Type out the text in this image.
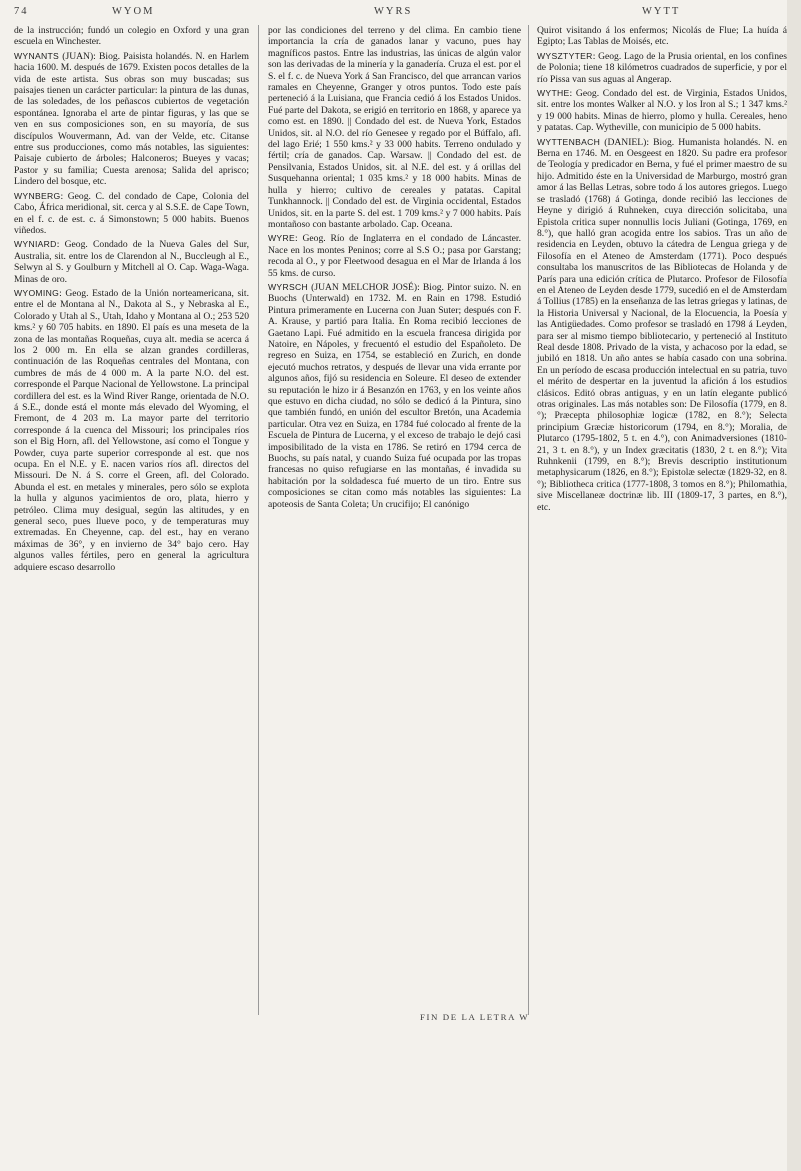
74	WYOM	WYRS	WYTT

de la instrucción; fundó un colegio en Oxford y una gran escuela en Winchester.

WYNANTS (JUAN): Biog. Paisista holandés. N. en Harlem hacia 1600. M. después de 1679. Existen pocos detalles de la vida de este artista. Sus obras son muy buscadas; sus paisajes tienen un carácter particular: la pintura de las dunas, de las soledades, de los peñascos cubiertos de vegetación espontánea. Ignoraba el arte de pintar figuras, y las que se ven en sus composiciones son, en su mayoría, de sus discípulos Wouvermann, Ad. van der Velde, etc. Citanse entre sus producciones, como más notables, las siguientes: Paisaje cubierto de árboles; Halconeros; Bueyes y vacas; Pastor y su familia; Cuesta arenosa; Salida del aprisco; Lindero del bosque, etc.

WYNBERG: Geog. C. del condado de Cape, Colonia del Cabo, África meridional, sit. cerca y al S.S.E. de Cape Town, en el f. c. de est. c. á Simonstown; 5 000 habits. Buenos viñedos.

WYNIARD: Geog. Condado de la Nueva Gales del Sur, Australia, sit. entre los de Clarendon al N., Buccleugh al E., Selwyn al S. y Goulburn y Mitchell al O. Cap. Waga-Waga. Minas de oro.

WYOMING: Geog. Estado de la Unión norteamericana, sit. entre el de Montana al N., Dakota al S., y Nebraska al E., Colorado y Utah al S., Utah, Idaho y Montana al O.; 253 520 kms.² y 60 705 habits. en 1890. El país es una meseta de la zona de las montañas Roqueñas, cuya alt. media se acerca á los 2 000 m. En ella se alzan grandes cordilleras, continuación de las Roqueñas centrales del Montana, con cumbres de más de 4 000 m. A la parte N.O. del est. corresponde el Parque Nacional de Yellowstone. La principal cordillera del est. es la Wind River Range, orientada de N.O. á S.E., donde está el monte más elevado del Wyoming, el Fremont, de 4 203 m. La mayor parte del territorio corresponde á la cuenca del Missouri; los principales ríos son el Big Horn, afl. del Yellowstone, así como el Tongue y Powder, cuya parte superior corresponde al est. que nos ocupa. En el N.E. y E. nacen varios ríos afl. directos del Missouri. De N. á S. corre el Green, afl. del Colorado. Abunda el est. en metales y minerales, pero sólo se explota la hulla y algunos yacimientos de oro, plata, hierro y petróleo. Clima muy desigual, según las altitudes, y en general seco, pues llueve poco, y de temperaturas muy extremadas. En Cheyenne, cap. del est., hay en verano máximas de 36°, y en invierno de 34° bajo cero. Hay algunos valles fértiles, pero en general la agricultura adquiere escaso desarrollo

por las condiciones del terreno y del clima. En cambio tiene importancia la cría de ganados lanar y vacuno, pues hay magníficos pastos. Entre las industrias, las únicas de algún valor son las derivadas de la minería y la ganadería. Cruza el est. por el S. el f. c. de Nueva York á San Francisco, del que arrancan varios ramales en Cheyenne, Granger y otros puntos. Todo este país perteneció á la Luisiana, que Francia cedió á los Estados Unidos. Fué parte del Dakota, se erigió en territorio en 1868, y aparece ya como est. en 1890. || Condado del est. de Nueva York, Estados Unidos, sit. al N.O. del río Genesee y regado por el Búffalo, afl. del lago Erié; 1 550 kms.² y 33 000 habits. Terreno ondulado y fértil; cría de ganados. Cap. Warsaw. || Condado del est. de Pensilvania, Estados Unidos, sit. al N.E. del est. y á orillas del Susquehanna oriental; 1 035 kms.² y 18 000 habits. Minas de hulla y hierro; cultivo de cereales y patatas. Capital Tunkhannock. || Condado del est. de Virginia occidental, Estados Unidos, sit. en la parte S. del est. 1 709 kms.² y 7 000 habits. País montañoso con bastante arbolado. Cap. Oceana.

WYRE: Geog. Río de Inglaterra en el condado de Láncaster. Nace en los montes Peninos; corre al S.S O.; pasa por Garstang; recoda al O., y por Fleetwood desagua en el Mar de Irlanda á los 55 kms. de curso.

WYRSCH (JUAN MELCHOR JOSÉ): Biog. Pintor suizo. N. en Buochs (Unterwald) en 1732. M. en Rain en 1798. Estudió Pintura primeramente en Lucerna con Juan Suter; después con F. A. Krause, y partió para Italia. En Roma recibió lecciones de Gaetano Lapi. Fué admitido en la escuela francesa dirigida por Natoire, en Nápoles, y frecuentó el estudio del Españoleto. De regreso en Suiza, en 1754, se estableció en Zurich, en donde ejecutó muchos retratos, y después de llevar una vida errante por algunos años, fijó su residencia en Soleure. El deseo de extender su reputación le hizo ir á Besanzón en 1763, y en los veinte años que estuvo en dicha ciudad, no sólo se dedicó á la Pintura, sino que también fundó, en unión del escultor Bretón, una Academia particular. Otra vez en Suiza, en 1784 fué colocado al frente de la Escuela de Pintura de Lucerna, y el exceso de trabajo le dejó casi imposibilitado de la vista en 1786. Se retiró en 1794 cerca de Buochs, su país natal, y cuando Suiza fué ocupada por las tropas francesas no quiso refugiarse en las montañas, é invadida su habitación por la soldadesca fué muerto de un tiro. Entre sus composiciones se citan como más notables las siguientes: La apoteosis de Santa Coleta; Un crucifijo; El canónigo

Quirot visitando á los enfermos; Nicolás de Flue; La huída á Egipto; Las Tablas de Moisés, etc.

WYSZTYTER: Geog. Lago de la Prusia oriental, en los confines de Polonia; tiene 18 kilómetros cuadrados de superficie, y por el río Pissa van sus aguas al Angerap.

WYTHE: Geog. Condado del est. de Virginia, Estados Unidos, sit. entre los montes Walker al N.O. y los Iron al S.; 1 347 kms.² y 19 000 habits. Minas de hierro, plomo y hulla. Cereales, heno y patatas. Cap. Wytheville, con municipio de 5 000 habits.

WYTTENBACH (DANIEL): Biog. Humanista holandés. N. en Berna en 1746. M. en Oesgeest en 1820. Su padre era profesor de Teología y predicador en Berna, y fué el primer maestro de su hijo. Admitido éste en la Universidad de Marburgo, mostró gran amor á las Bellas Letras, sobre todo á los autores griegos. Luego se trasladó (1768) á Gotinga, donde recibió las lecciones de Heyne y dirigió á Ruhneken, cuya dirección solicitaba, una Epistola critica super nonnullis locis Juliani (Gotinga, 1769, en 8.°), que halló gran acogida entre los sabios. Tras un año de residencia en Leyden, obtuvo la cátedra de Lengua griega y de Filosofía en el Ateneo de Amsterdam (1771). Poco después consultaba los manuscritos de las Bibliotecas de Holanda y de París para una edición crítica de Plutarco. Profesor de Filosofía en el Ateneo de Leyden desde 1779, sucedió en el de Amsterdam á Tollius (1785) en la enseñanza de las letras griegas y latinas, de la Historia Universal y Nacional, de la Elocuencia, la Poesía y las Antigüedades. Como profesor se trasladó en 1798 á Leyden, para ser al mismo tiempo bibliotecario, y perteneció al Instituto Real desde 1808. Privado de la vista, y achacoso por la edad, se jubiló en 1818. Un año antes se había casado con una sobrina. En un período de escasa producción intelectual en su patria, tuvo el mérito de despertar en la juventud la afición á los estudios clásicos. Editó obras antiguas, y en un latín elegante publicó otras originales. Las más notables son: De Filosofía (1779, en 8.°); Præcepta philosophiæ logicæ (1782, en 8.°); Selecta principium Græciæ historicorum (1794, en 8.°); Moralia, de Plutarco (1795-1802, 5 t. en 4.°), con Animadversiones (1810-21, 3 t. en 8.°), y un Index græcitatis (1830, 2 t. en 8.°); Vita Ruhnkenii (1799, en 8.°); Brevis descriptio institutionum metaphysicarum (1826, en 8.°); Epistolæ selectæ (1829-32, en 8.°); Bibliotheca critica (1777-1808, 3 tomos en 8.°); Philomathia, sive Miscellaneæ doctrinæ lib. III (1809-17, 3 partes, en 8.°), etc.

FIN DE LA LETRA W
